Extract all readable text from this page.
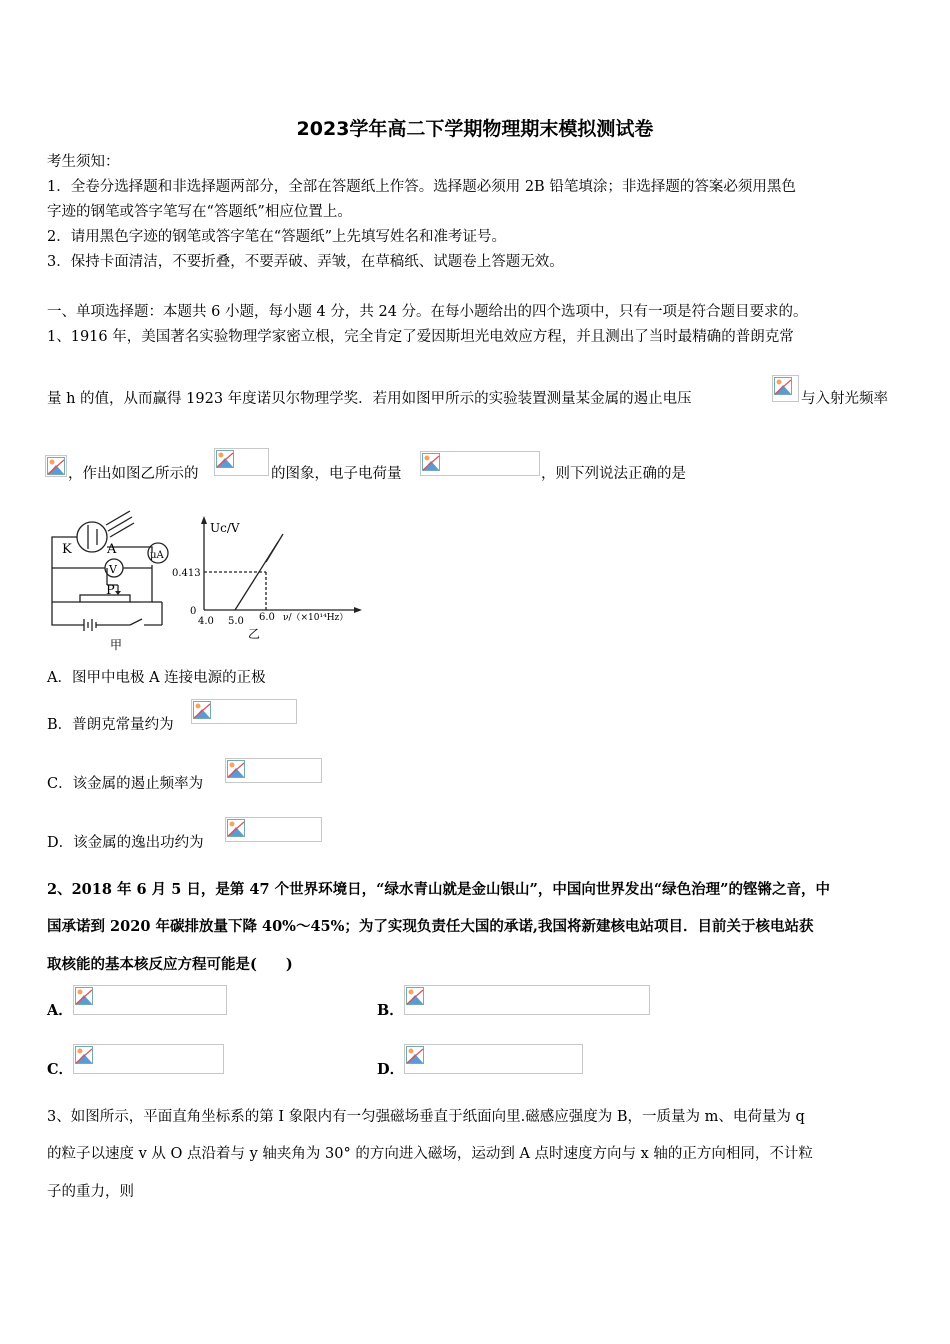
2023学年高二下学期物理期末模拟测试卷
考生须知：
1．全卷分选择题和非选择题两部分，全部在答题纸上作答。选择题必须用 2B 铅笔填涂；非选择题的答案必须用黑色
字迹的钢笔或答字笔写在“答题纸”相应位置上。
2．请用黑色字迹的钢笔或答字笔在“答题纸”上先填写姓名和准考证号。
3．保持卡面清洁，不要折叠，不要弄破、弄皱，在草稿纸、试题卷上答题无效。
一、单项选择题：本题共 6 小题，每小题 4 分，共 24 分。在每小题给出的四个选项中，只有一项是符合题目要求的。
1、1916 年，美国著名实验物理学家密立根，完全肯定了爱因斯坦光电效应方程，并且测出了当时最精确的普朗克常
量 h 的值，从而赢得 1923 年度诺贝尔物理学奖．若用如图甲所示的实验装置测量某金属的遏止电压	与入射光频率
，作出如图乙所示的	的图象，电子电荷量	，则下列说法正确的是
K	A	μA
V
P
甲
Uc/V
0.413
0
4.0 5.0 6.0 ν/（×10¹⁴Hz）
乙
A．图甲中电极 A 连接电源的正极
B．普朗克常量约为
C．该金属的遏止频率为
D．该金属的逸出功约为
2、2018 年 6 月 5 日，是第 47 个世界环境日，“绿水青山就是金山银山”，中国向世界发出“绿色治理”的铿锵之音，中
国承诺到 2020 年碳排放量下降 40%～45%；为了实现负责任大国的承诺,我国将新建核电站项目．目前关于核电站获
取核能的基本核反应方程可能是(　　)
A．	B．
C．	D．
3、如图所示，平面直角坐标系的第 I 象限内有一匀强磁场垂直于纸面向里.磁感应强度为 B，一质量为 m、电荷量为 q
的粒子以速度 v 从 O 点沿着与 y 轴夹角为 30° 的方向进入磁场，运动到 A 点时速度方向与 x 轴的正方向相同，不计粒
子的重力，则
